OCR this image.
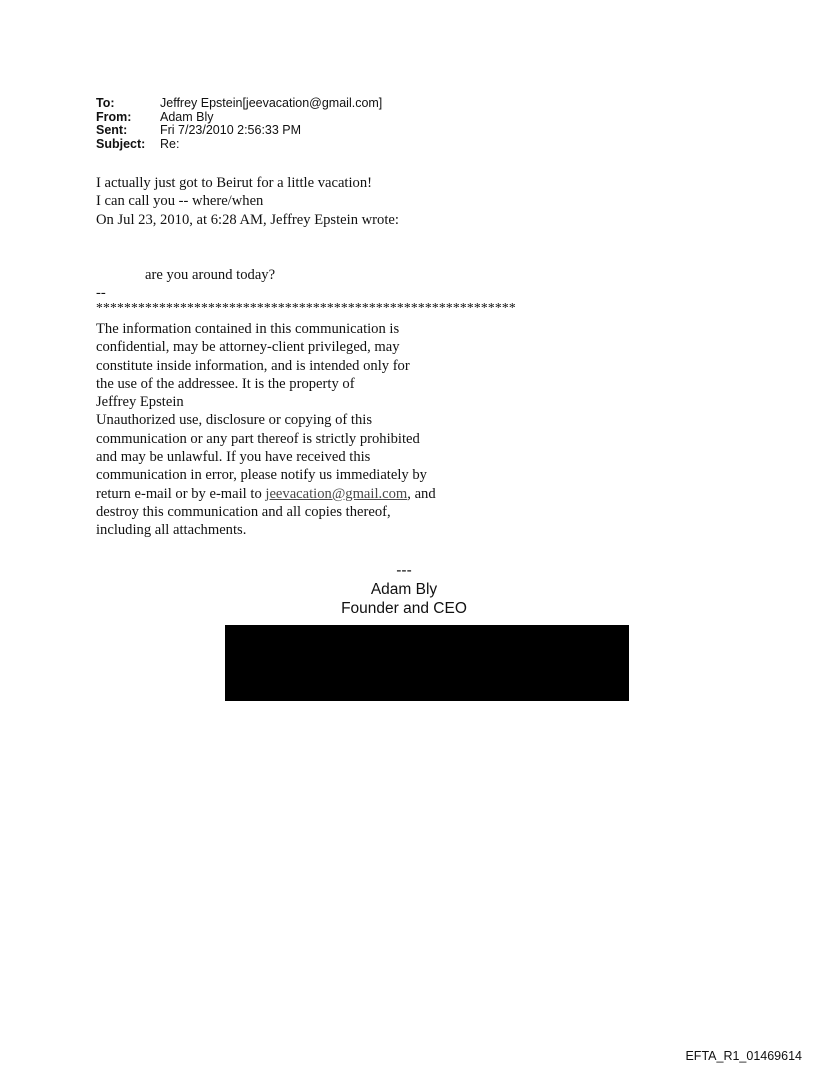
To:	Jeffrey Epstein[jeevacation@gmail.com]
From:	Adam Bly
Sent:	Fri 7/23/2010 2:56:33 PM
Subject:	Re:
I actually just got to Beirut for a little vacation!
I can call you -- where/when
On Jul 23, 2010, at 6:28 AM, Jeffrey Epstein wrote:
are you around today?
--
************************************************************
The information contained in this communication is
confidential, may be attorney-client privileged, may
constitute inside information, and is intended only for
the use of the addressee. It is the property of
Jeffrey Epstein
Unauthorized use, disclosure or copying of this
communication or any part thereof is strictly prohibited
and may be unlawful. If you have received this
communication in error, please notify us immediately by
return e-mail or by e-mail to jeevacation@gmail.com, and
destroy this communication and all copies thereof,
including all attachments.
---
Adam Bly
Founder and CEO
EFTA_R1_01469614
